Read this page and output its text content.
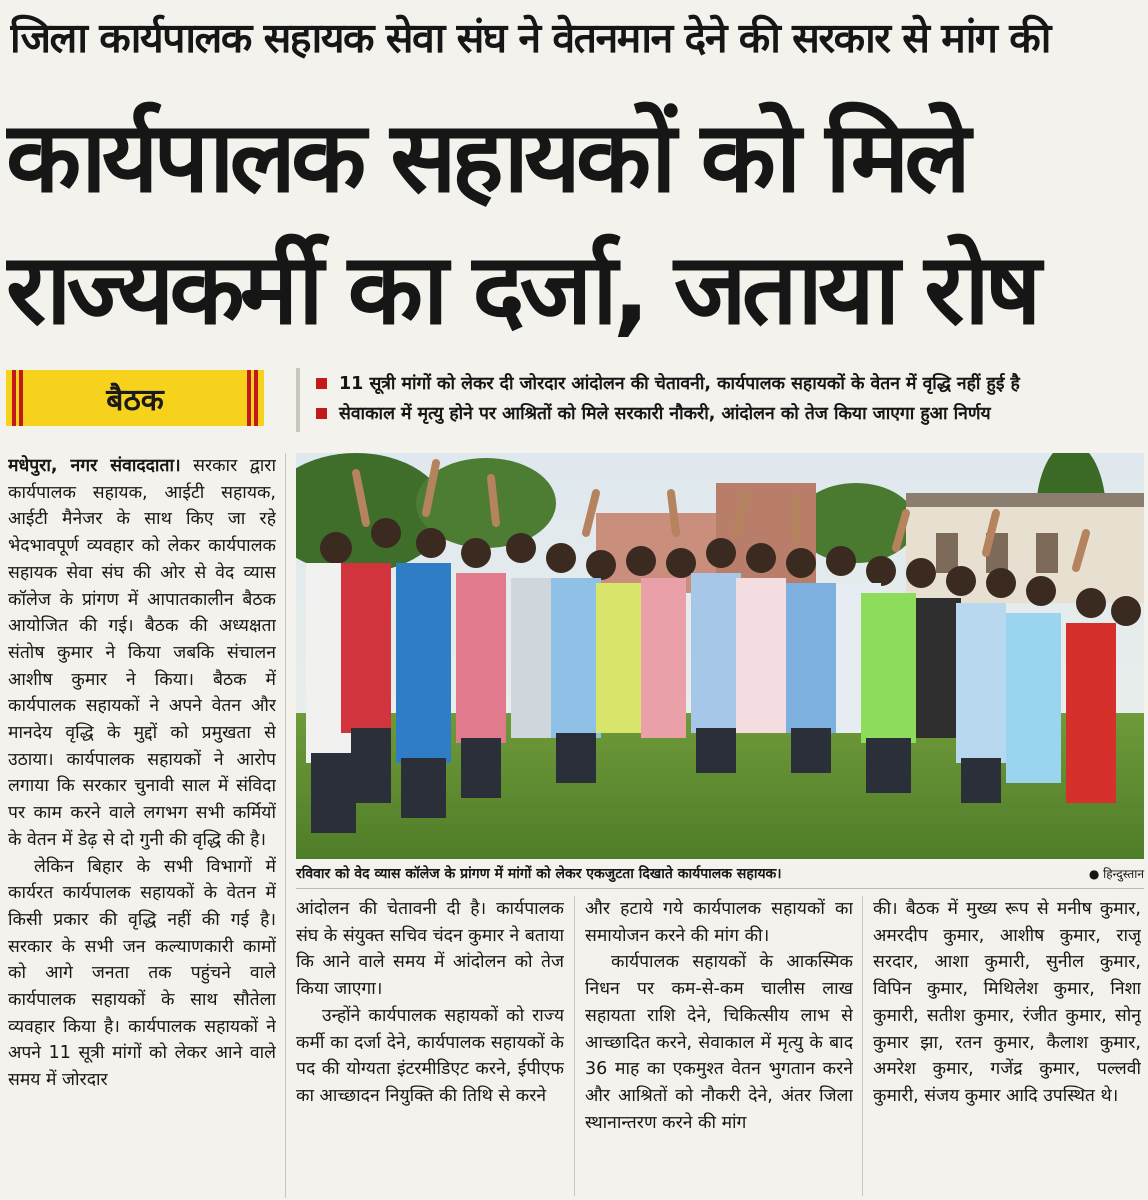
जिला कार्यपालक सहायक सेवा संघ ने वेतनमान देने की सरकार से मांग की
कार्यपालक सहायकों को मिले
राज्यकर्मी का दर्जा, जताया रोष
बैठक	11 सूत्री मांगों को लेकर दी जोरदार आंदोलन की चेतावनी, कार्यपालक सहायकों के वेतन में वृद्धि नहीं हुई है
सेवाकाल में मृत्यु होने पर आश्रितों को मिले सरकारी नौकरी, आंदोलन को तेज किया जाएगा हुआ निर्णय
रविवार को वेद व्यास कॉलेज के प्रांगण में मांगों को लेकर एकजुटता दिखाते कार्यपालक सहायक।	● हिन्दुस्तान

मधेपुरा, नगर संवाददाता। सरकार द्वारा कार्यपालक सहायक, आईटी सहायक, आईटी मैनेजर के साथ किए जा रहे भेदभावपूर्ण व्यवहार को लेकर कार्यपालक सहायक सेवा संघ की ओर से वेद व्यास कॉलेज के प्रांगण में आपातकालीन बैठक आयोजित की गई। बैठक की अध्यक्षता संतोष कुमार ने किया जबकि संचालन आशीष कुमार ने किया। बैठक में कार्यपालक सहायकों ने अपने वेतन और मानदेय वृद्धि के मुद्दों को प्रमुखता से उठाया। कार्यपालक सहायकों ने आरोप लगाया कि सरकार चुनावी साल में संविदा पर काम करने वाले लगभग सभी कर्मियों के वेतन में डेढ़ से दो गुनी की वृद्धि की है।

लेकिन बिहार के सभी विभागों में कार्यरत कार्यपालक सहायकों के वेतन में किसी प्रकार की वृद्धि नहीं की गई है। सरकार के सभी जन कल्याणकारी कामों को आगे जनता तक पहुंचने वाले कार्यपालक सहायकों के साथ सौतेला व्यवहार किया है। कार्यपालक सहायकों ने अपने 11 सूत्री मांगों को लेकर आने वाले समय में जोरदार

आंदोलन की चेतावनी दी है। कार्यपालक संघ के संयुक्त सचिव चंदन कुमार ने बताया कि आने वाले समय में आंदोलन को तेज किया जाएगा।

उन्होंने कार्यपालक सहायकों को राज्य कर्मी का दर्जा देने, कार्यपालक सहायकों के पद की योग्यता इंटरमीडिएट करने, ईपीएफ का आच्छादन नियुक्ति की तिथि से करने

और हटाये गये कार्यपालक सहायकों का समायोजन करने की मांग की।

कार्यपालक सहायकों के आकस्मिक निधन पर कम-से-कम चालीस लाख सहायता राशि देने, चिकित्सीय लाभ से आच्छादित करने, सेवाकाल में मृत्यु के बाद 36 माह का एकमुश्त वेतन भुगतान करने और आश्रितों को नौकरी देने, अंतर जिला स्थानान्तरण करने की मांग

की। बैठक में मुख्य रूप से मनीष कुमार, अमरदीप कुमार, आशीष कुमार, राजू सरदार, आशा कुमारी, सुनील कुमार, विपिन कुमार, मिथिलेश कुमार, निशा कुमारी, सतीश कुमार, रंजीत कुमार, सोनू कुमार झा, रतन कुमार, कैलाश कुमार, अमरेश कुमार, गजेंद्र कुमार, पल्लवी कुमारी, संजय कुमार आदि उपस्थित थे।
